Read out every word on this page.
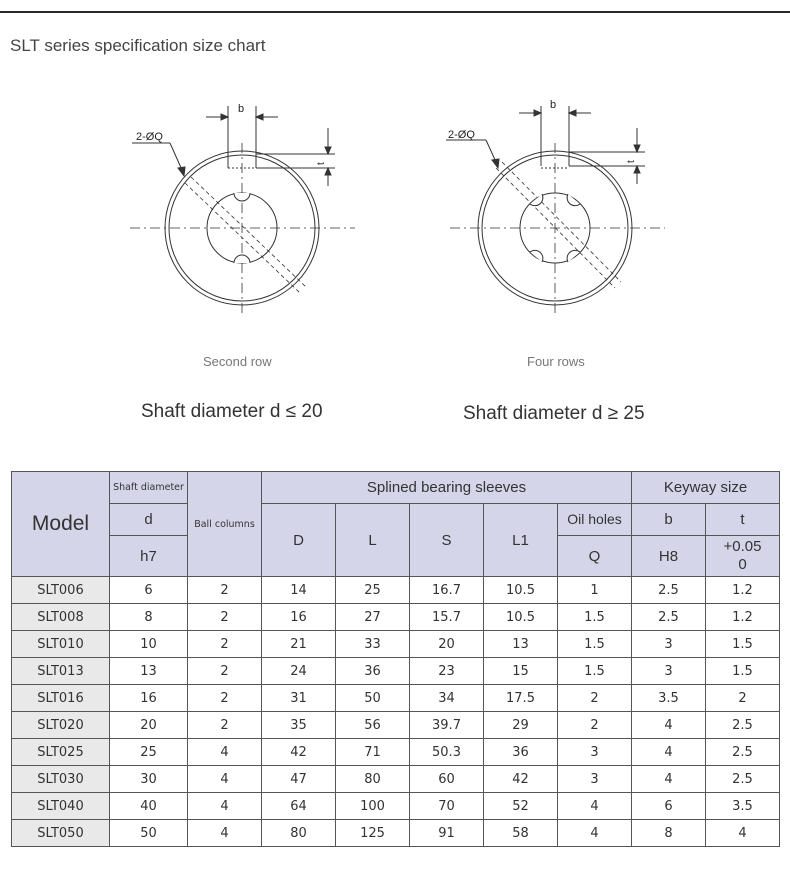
SLT series specification size chart
2-ØQ
b
t
2-ØQ
b
t
Second row	Four rows
Shaft diameter d ≤ 20	Shaft diameter d ≥ 25
Model	Shaft diameter	Ball columns	Splined bearing sleeves					Keyway size	
	d		D	L	S	L1	Oil holes	b	t
	h7						Q	H8	+0.05
0

SLT006	6	2	14	25	16.7	10.5	1	2.5	1.2
SLT008	8	2	16	27	15.7	10.5	1.5	2.5	1.2
SLT010	10	2	21	33	20	13	1.5	3	1.5
SLT013	13	2	24	36	23	15	1.5	3	1.5
SLT016	16	2	31	50	34	17.5	2	3.5	2
SLT020	20	2	35	56	39.7	29	2	4	2.5
SLT025	25	4	42	71	50.3	36	3	4	2.5
SLT030	30	4	47	80	60	42	3	4	2.5
SLT040	40	4	64	100	70	52	4	6	3.5
SLT050	50	4	80	125	91	58	4	8	4
